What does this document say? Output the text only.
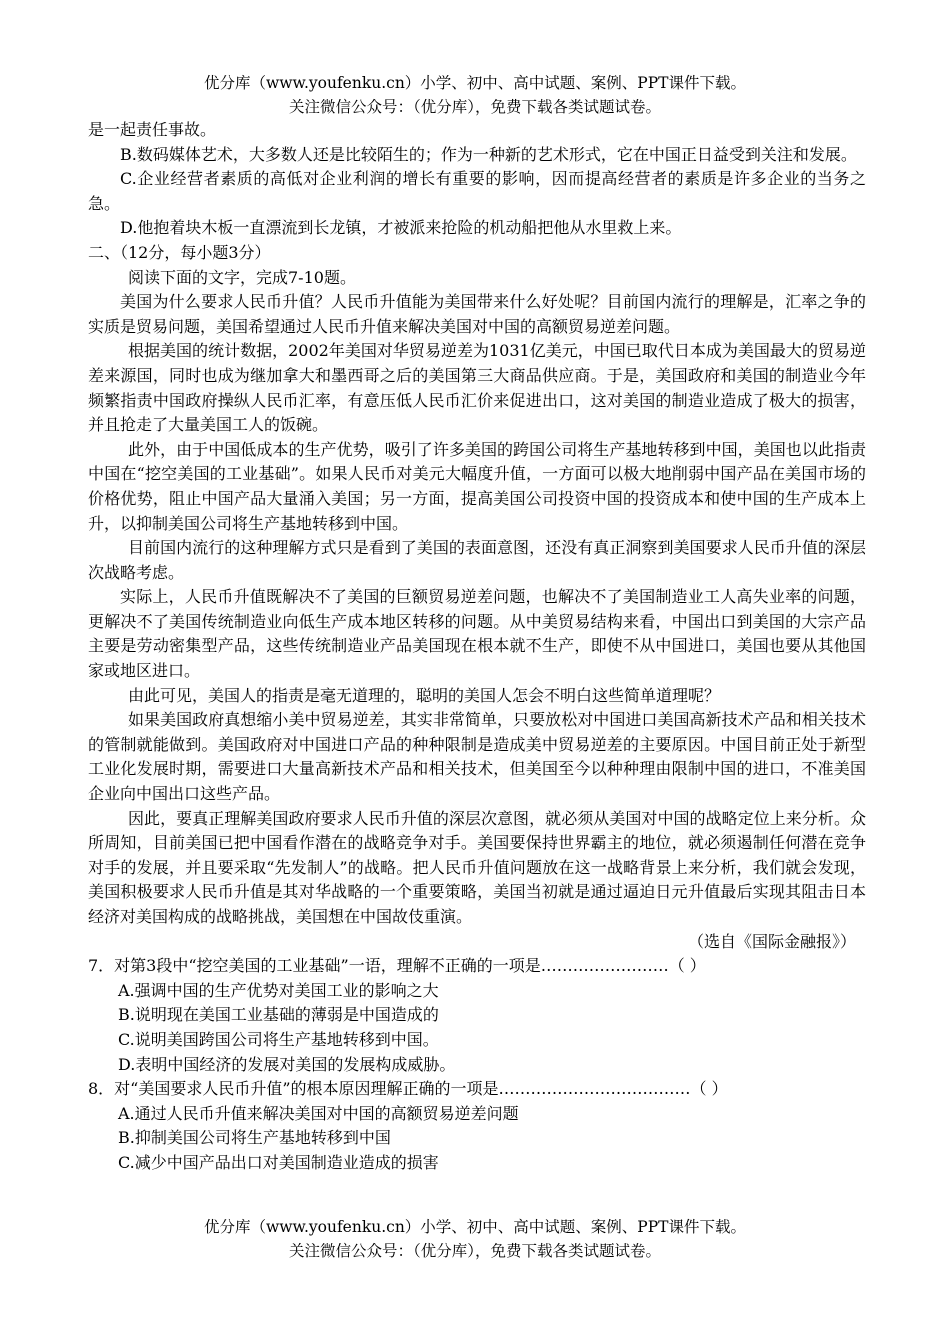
优分库（www.youfenku.cn）小学、初中、高中试题、案例、PPT课件下载。
关注微信公众号：（优分库），免费下载各类试题试卷。

是一起责任事故。

B.数码媒体艺术，大多数人还是比较陌生的；作为一种新的艺术形式，它在中国正日益受到关注和发展。

C.企业经营者素质的高低对企业利润的增长有重要的影响，因而提高经营者的素质是许多企业的当务之急。

D.他抱着块木板一直漂流到长龙镇，才被派来抢险的机动船把他从水里救上来。

二、（12分，每小题3分）

阅读下面的文字，完成7-10题。

美国为什么要求人民币升值？人民币升值能为美国带来什么好处呢？目前国内流行的理解是，汇率之争的实质是贸易问题，美国希望通过人民币升值来解决美国对中国的高额贸易逆差问题。

根据美国的统计数据，2002年美国对华贸易逆差为1031亿美元，中国已取代日本成为美国最大的贸易逆差来源国，同时也成为继加拿大和墨西哥之后的美国第三大商品供应商。于是，美国政府和美国的制造业今年频繁指责中国政府操纵人民币汇率，有意压低人民币汇价来促进出口，这对美国的制造业造成了极大的损害，并且抢走了大量美国工人的饭碗。

此外，由于中国低成本的生产优势，吸引了许多美国的跨国公司将生产基地转移到中国，美国也以此指责中国在“挖空美国的工业基础”。如果人民币对美元大幅度升值，一方面可以极大地削弱中国产品在美国市场的价格优势，阻止中国产品大量涌入美国；另一方面，提高美国公司投资中国的投资成本和使中国的生产成本上升，以抑制美国公司将生产基地转移到中国。

目前国内流行的这种理解方式只是看到了美国的表面意图，还没有真正洞察到美国要求人民币升值的深层次战略考虑。

实际上，人民币升值既解决不了美国的巨额贸易逆差问题，也解决不了美国制造业工人高失业率的问题，更解决不了美国传统制造业向低生产成本地区转移的问题。从中美贸易结构来看，中国出口到美国的大宗产品主要是劳动密集型产品，这些传统制造业产品美国现在根本就不生产，即使不从中国进口，美国也要从其他国家或地区进口。

由此可见，美国人的指责是毫无道理的，聪明的美国人怎会不明白这些简单道理呢？

如果美国政府真想缩小美中贸易逆差，其实非常简单，只要放松对中国进口美国高新技术产品和相关技术的管制就能做到。美国政府对中国进口产品的种种限制是造成美中贸易逆差的主要原因。中国目前正处于新型工业化发展时期，需要进口大量高新技术产品和相关技术，但美国至今以种种理由限制中国的进口，不准美国企业向中国出口这些产品。

因此，要真正理解美国政府要求人民币升值的深层次意图，就必须从美国对中国的战略定位上来分析。众所周知，目前美国已把中国看作潜在的战略竞争对手。美国要保持世界霸主的地位，就必须遏制任何潜在竞争对手的发展，并且要采取“先发制人”的战略。把人民币升值问题放在这一战略背景上来分析，我们就会发现，美国积极要求人民币升值是其对华战略的一个重要策略，美国当初就是通过逼迫日元升值最后实现其阻击日本经济对美国构成的战略挑战，美国想在中国故伎重演。

（选自《国际金融报》）

7．对第3段中“挖空美国的工业基础”一语，理解不正确的一项是……………………（ ）

A.强调中国的生产优势对美国工业的影响之大

B.说明现在美国工业基础的薄弱是中国造成的

C.说明美国跨国公司将生产基地转移到中国。

D.表明中国经济的发展对美国的发展构成威胁。

8．对“美国要求人民币升值”的根本原因理解正确的一项是………………………………（ ）

A.通过人民币升值来解决美国对中国的高额贸易逆差问题

B.抑制美国公司将生产基地转移到中国

C.减少中国产品出口对美国制造业造成的损害

优分库（www.youfenku.cn）小学、初中、高中试题、案例、PPT课件下载。
关注微信公众号：（优分库），免费下载各类试题试卷。
